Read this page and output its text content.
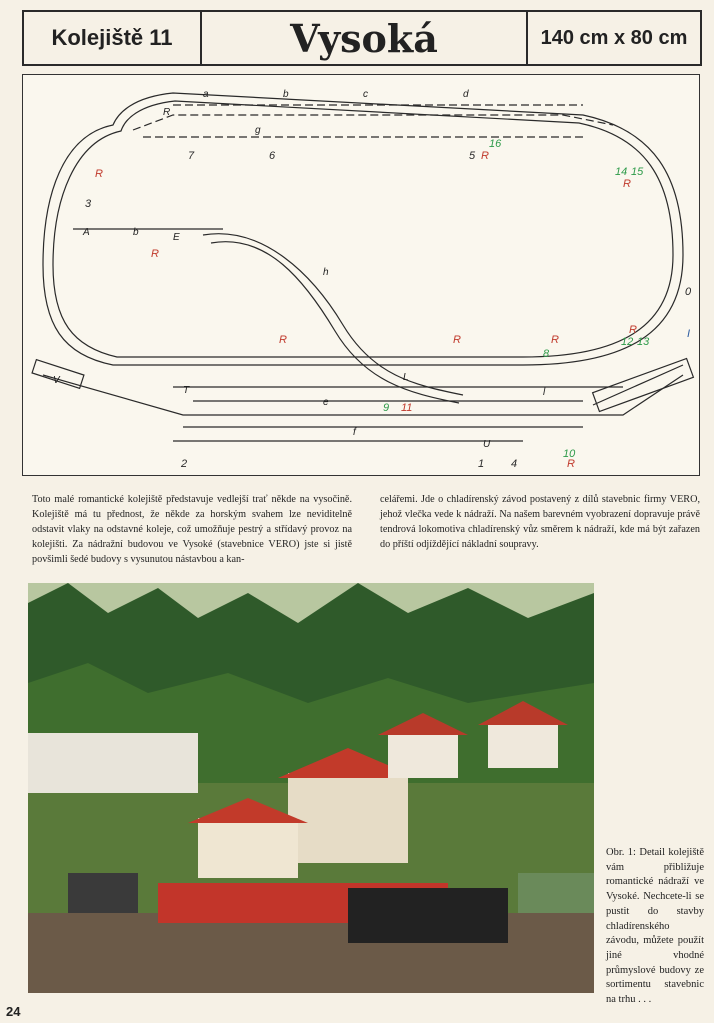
Kolejiště 11	Vysoká	140 cm x 80 cm
a	b	c	d
g
h
b
L
T
U
A	E
V
R
e
f
l
1
2
3
4
5
6
7
8
9
10
11
12 13
14 15
16
0
I
R
R
R	R	R
R
R
R
R
Toto malé romantické kolejiště představuje vedlejší trať někde na vysočině. Kolejiště má tu přednost, že někde za horským svahem lze neviditelně odstavit vlaky na odstavné koleje, což umožňuje pestrý a střídavý provoz na kolejišti. Za nádražní budovou ve Vysoké (stavebnice VERO) jste si jistě povšimli šedé budovy s vysunutou nástavbou a kan-
celářemi. Jde o chladírenský závod postavený z dílů stavebnic firmy VERO, jehož vlečka vede k nádraží. Na našem barevném vyobrazení dopravuje právě tendrová lokomotiva chladírenský vůz směrem k nádraží, kde má být zařazen do příští odjíždějící nákladní soupravy.
Obr. 1: Detail kolejiště vám přibližuje romantické nádraží ve Vysoké. Nechcete-li se pustit do stavby chladírenského závodu, můžete použít jiné vhodné průmyslové budovy ze sortimentu stavebnic na trhu . . .
24
